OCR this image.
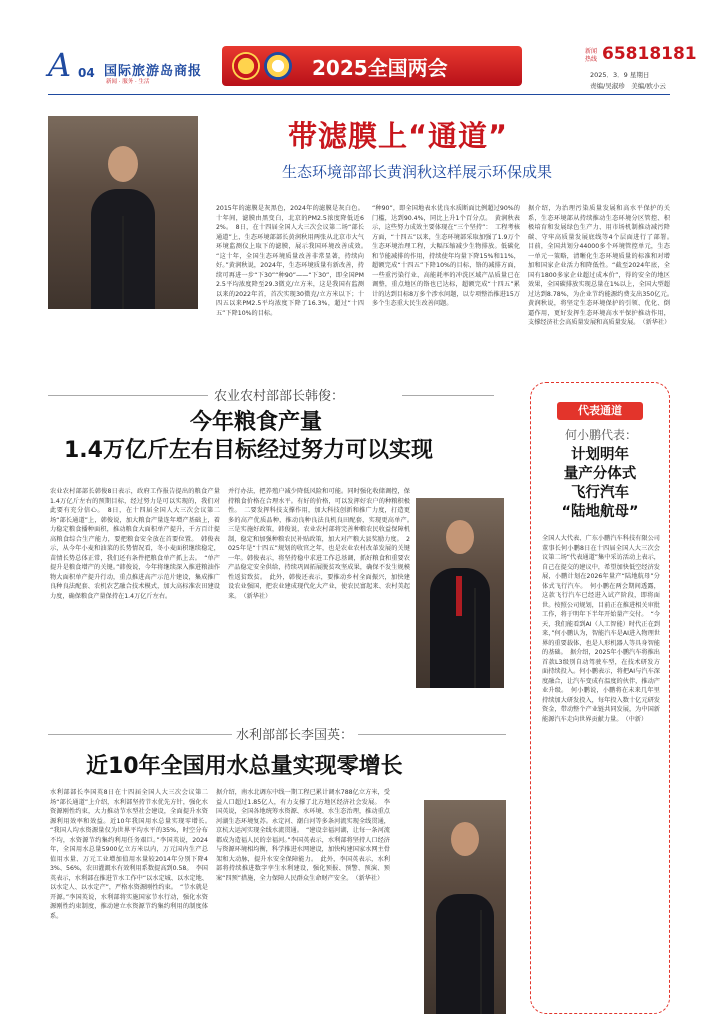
A 04 国际旅游岛商报
新闻 · 服务 · 生活
2025全国两会
新闻
热线 65818181
2025．3．9 星期日
责编/吴淑珍　美编/欧小云
带滤膜上“通道”
生态环境部部长黄润秋这样展示环保成果
2015年的滤膜是灰黑色，2024年的滤膜是灰白色。十年间，滤膜由黑变白，北京的PM2.5浓度降低近62%。　8日，在十四届全国人大三次会议第二场“部长通道”上，生态环境部部长黄润秋用两张从北京市大气环境监测仪上取下的滤膜，展示我国环境改善成效。　“这十年，全国生态环境质量改善非常显著，持续向好。”黄润秋说，2024年，生态环境质量有新改善，持续可再进一步“下30”“种90”——“下30”，即全国PM2.5平均浓度降至29.3微克/立方米，这是我国有监测以来的2022年首，首次实现30微克/立方米以下；十四五以来PM2.5平均浓度下降了16.3%，超过“十四五”下降10%的目标。
“种90”，即全国地表水优良水质断面比例超过90%的门槛，达到90.4%，同比上升1个百分点。　黄润秋表示，这些努力成效主要体现在“三个坚持”：　工程考核方面，“十四五”以来，生态环境部采取加强了1.9万个生态环境治理工程，大幅压缩减少生物排放。低碳化和节能减排的作用，持续使年均量下降15%和11%，超额完成“十四五”下降10%的目标，铬的减排方面，一些重污染行业、高能耗率的冲洗区域产品质量已在调整，重点地区的铬也已达标，超额完成“十四五”累计的达到目标8万多个涉水问题，以专项整治推进15万多个生态重大民生改善问题。
据介绍，为治理污染质量发展和高水平保护的关系，生态环境部从持续推动生态环境分区管控、积极培育和发展绿色生产力、用市场机制推动减污降碳、守牢高质量发展底线等4个层面进行了部署。　目前，全国共划分44000多个环境管控单元，生态一单元一策略，清晰化生态环境质量的标准和对增加和国家企业活力和降低性。“截至2024年底，全国有1800多家企业超过成本价”，得的安全的地区效果，全国碳排放实现总量在1%以上，全国大型超过达到8.78%，为企业节约能源约费支出350亿元。　黄润秋说，将坚定生态环境保护的引领、优化、倒逼作用，更好发挥生态环境高水平保护推动作用，支撑经济社会高质量发展和高质量发展。　（新华社）
农业农村部部长韩俊：
今年粮食产量
1.4万亿斤左右目标经过努力可以实现
农业农村部部长韩俊8日表示，政府工作报告提出的粮食产量1.4万亿斤左右的预期目标，经过努力是可以实现的，我们对此要有充分信心。　8日，在十四届全国人大三次会议第二场“部长通道”上，韩俊说，加大粮食产量连年增产基础上，着力稳定粮食播种面积，推动粮食大面积单产提升，千方百计提高粮食综合生产能力，要把粮食安全放在首要位置。　韩俊表示，从今年小麦和油菜的长势情况看，冬小麦面积继续稳定，苗情长势总体正常，我们还有条件把粮食单产抓上去。　“单产提升是粮食增产的关键。”韩俊说，今年将继续深入推进粮油作物大面积单产提升行动，重点推进高产示范片建设，集成推广良种良法配套、农机农艺融合技术模式，加大高标准农田建设力度，确保粮食产量保持在1.4万亿斤左右。
并行办法，把养殖户减少降低风险和可能。同时强化收储调控，保持粮食价格在合理水平。有好的价格，可以发挥好农户的种粮积极性。　二要发挥科技支撑作用，加大科技创新和推广力度，打造更多的高产优质品种，推动良种良法良机良田配套，实现更高单产。　三是实施好政策，韩俊说，农业农村部将完善种粮农民收益保障机制，稳定和加强种粮农民补贴政策，加大对产粮大县奖励力度。　2025年是“十四五”规划的收官之年，也是农业农村改革发展的关键一年。韩俊表示，将坚持稳中求进工作总基调，抓好粮食和重要农产品稳定安全供给，持续巩固拓展脱贫攻坚成果，确保不发生规模性返贫致贫。　此外，韩俊还表示，要推动乡村全面振兴，加快建设农业强国，把农业建成现代化大产业，使农民富起来、农村美起来。　（新华社）
代表通道
何小鹏代表：
计划明年
量产分体式
飞行汽车
“陆地航母”
全国人大代表、广东小鹏汽车科技有限公司董事长何小鹏8日在十四届全国人大三次会议第二场“代表通道”集中采访活动上表示，自己在提交的建议中，希望加快低空经济发展，小鹏计划在2026年量产“陆地航母”分体式飞行汽车。　何小鹏在两会期间透露，这款飞行汽车已经进入试产阶段，即将面世。按照公司规划，目前正在推进相关审批工作，将于明年下半年开始量产交付。　“今天，我们能看到AI（人工智能）时代正在到来，”何小鹏认为，智能汽车是AI进入物理世界的重要载体，也是人形机器人等具身智能的基础。　据介绍，2025年小鹏汽车将推出首款L3级别自动驾驶车型，在技术研发方面持续投入。何小鹏表示，将把AI与汽车深度融合，让汽车变成有温度的伙伴，推动产业升级。　何小鹏说，小鹏将在未来几年里持续加大研发投入，每年投入数十亿元研发资金，带动整个产业链共同发展，为中国新能源汽车走向世界贡献力量。　（中新）
水利部部长李国英：
近10年全国用水总量实现零增长
水利部部长李国英8日在十四届全国人大三次会议第二场“部长通道”上介绍，水利部坚持节水优先方针，强化水资源刚性约束，大力推动节水型社会建设，全面提升水资源利用效率和效益。近10年我国用水总量实现零增长。　“我国人均水资源量仅为世界平均水平的35%，时空分布不均，水资源节约集约利用任务艰巨。”李国英说，2024年，全国用水总量5900亿立方米以内，万元国内生产总值用水量、万元工业增加值用水量较2014年分别下降43%、56%，农田灌溉水有效利用系数提高到0.58。　李国英表示，水利部在推进节水工作中“以水定城、以水定地、以水定人、以水定产”，严格水资源刚性约束。　“节水就是开源。”李国英说，水利部将实施国家节水行动，强化水资源刚性约束制度，推动建立水资源节约集约利用的制度体系。
据介绍，南水北调东中线一期工程已累计调水788亿立方米，受益人口超过1.85亿人，有力支撑了北方地区经济社会发展。　李国英说，全国各地统筹水资源、水环境、水生态治理，推动重点河湖生态环境复苏。永定河、潮白河等多条河流实现全线贯通，京杭大运河实现全线水流贯通。　“建设幸福河湖，让每一条河流都成为造福人民的幸福河。”李国英表示，水利部将坚持人口经济与资源环境相均衡，科学推进水网建设，加快构建国家水网主骨架和大动脉，提升水安全保障能力。　此外，李国英表示，水利部将持续推进数字孪生水利建设，强化预报、预警、预演、预案“四预”措施，全力保障人民群众生命财产安全。　（新华社）
